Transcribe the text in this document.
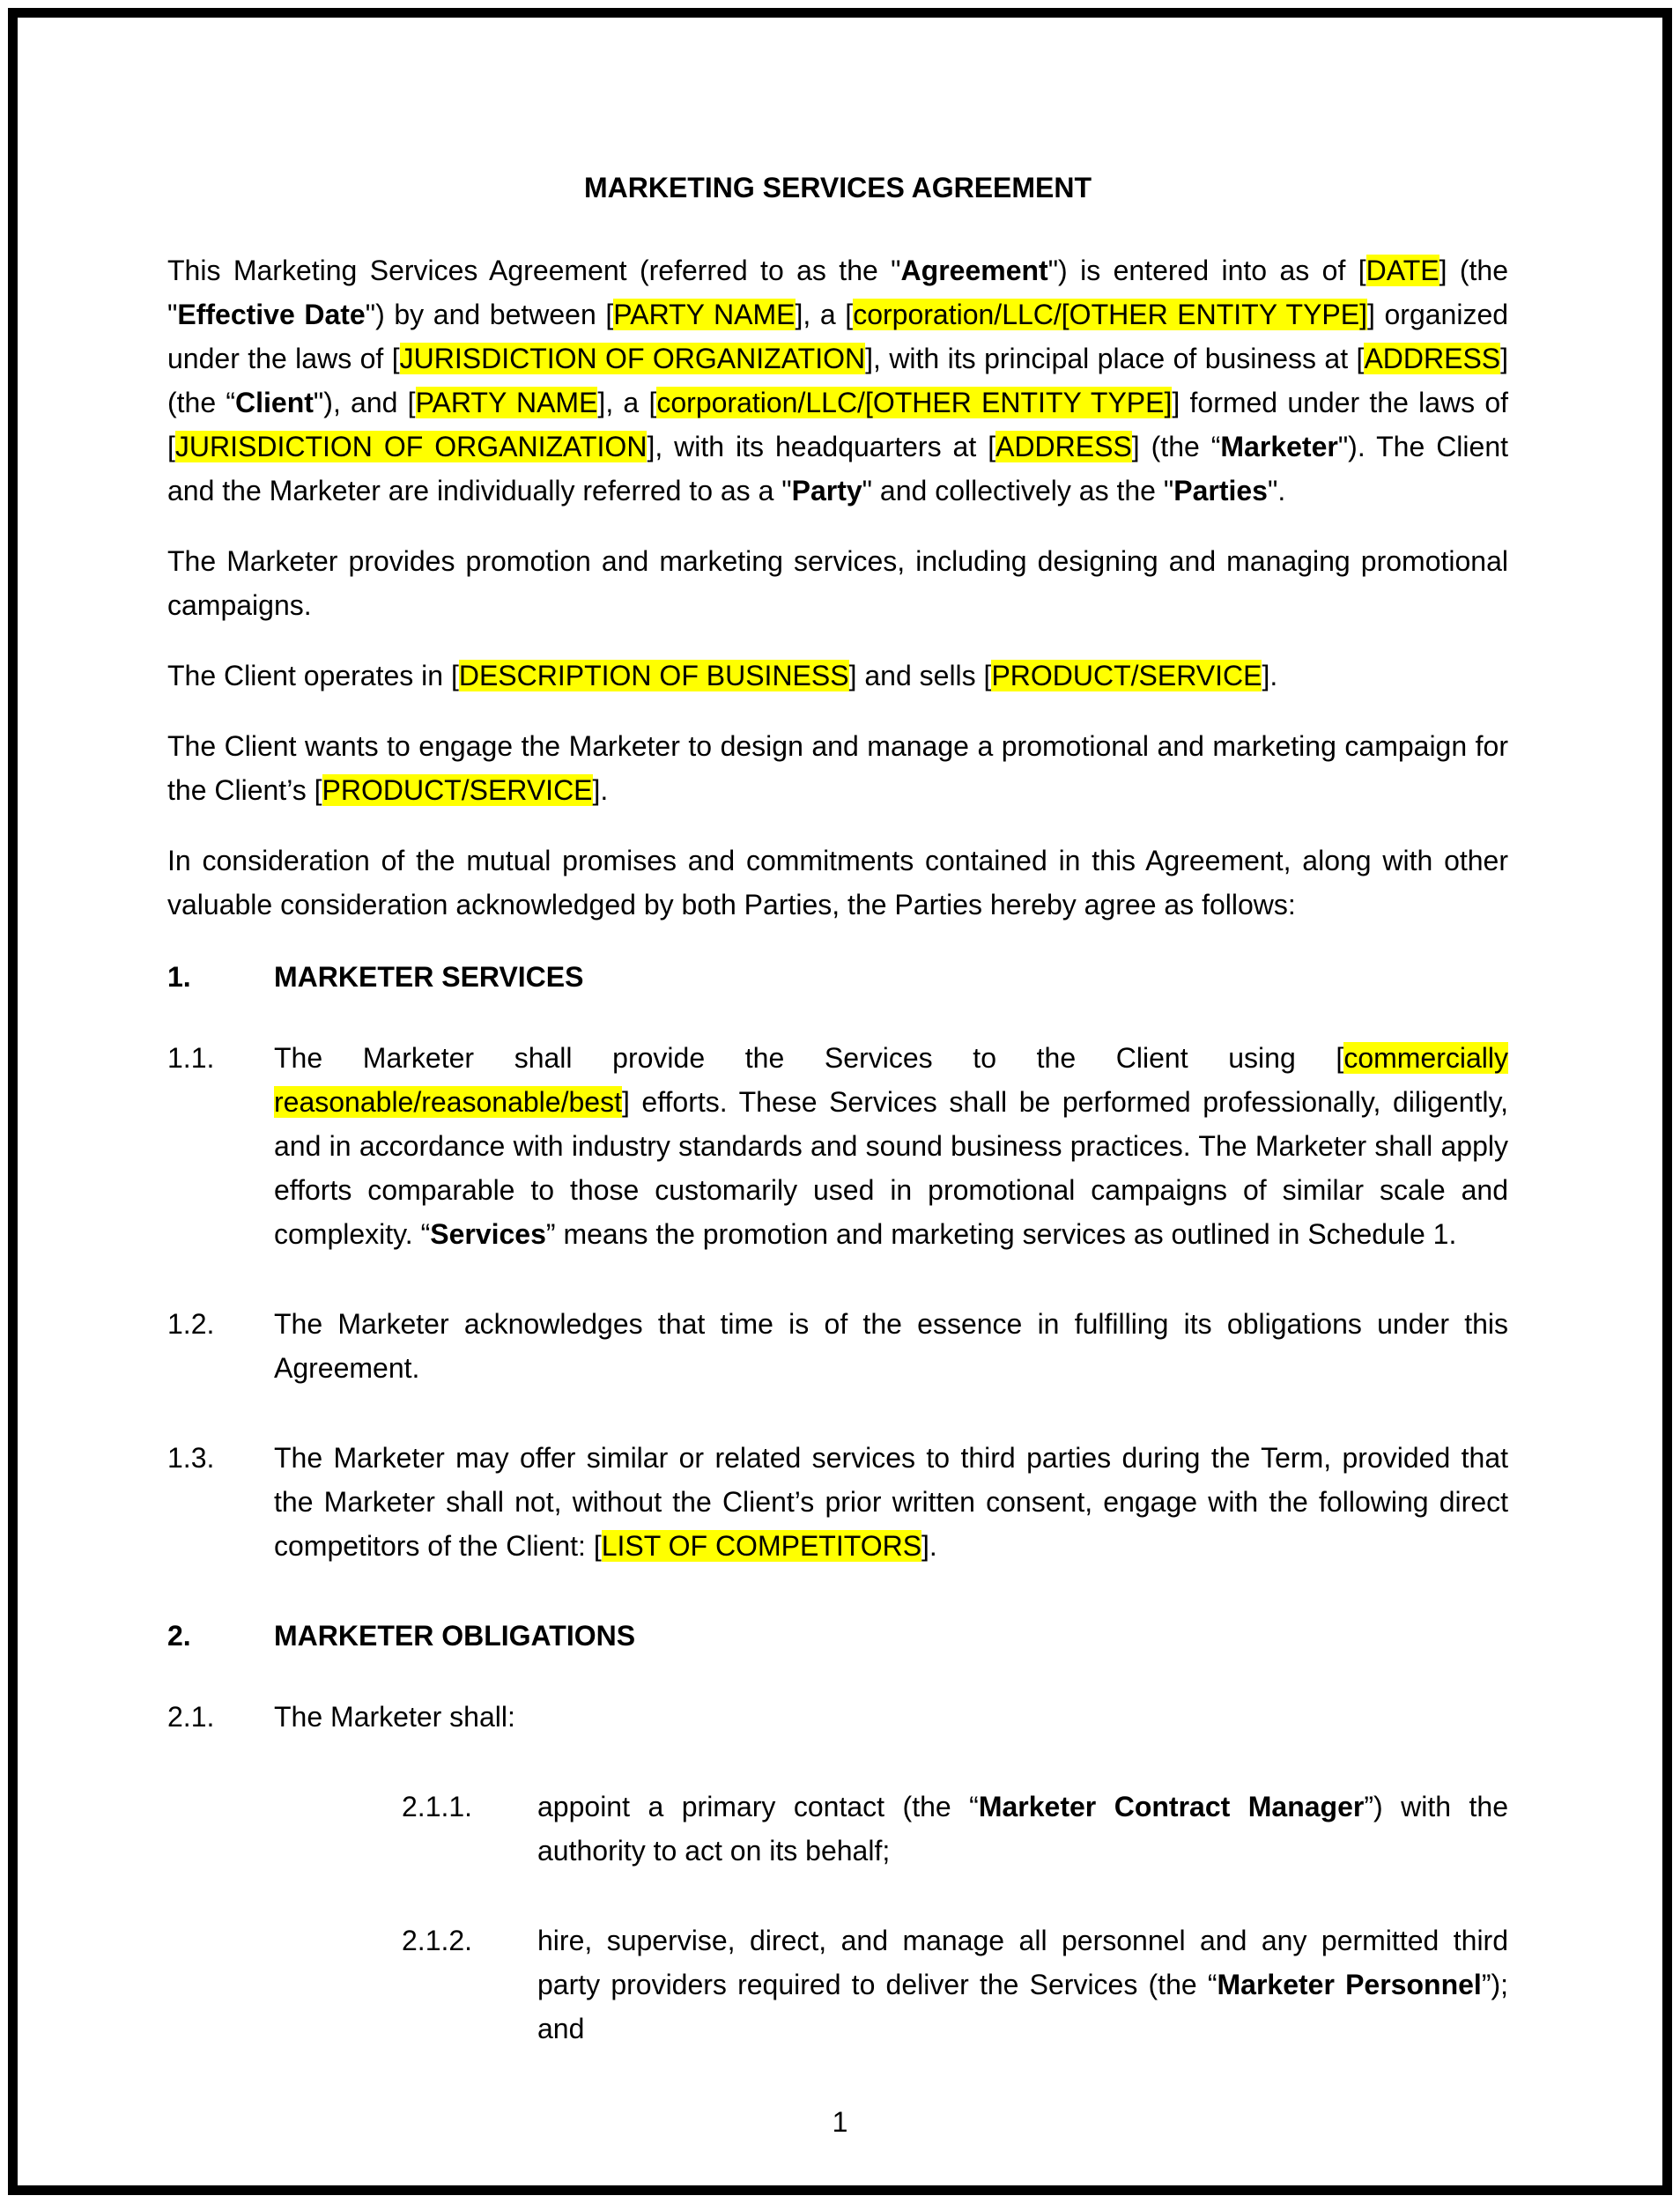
MARKETING SERVICES AGREEMENT

This Marketing Services Agreement (referred to as the "Agreement") is entered into as of [DATE] (the "Effective Date") by and between [PARTY NAME], a [corporation/LLC/[OTHER ENTITY TYPE]] organized under the laws of [JURISDICTION OF ORGANIZATION], with its principal place of business at [ADDRESS] (the “Client"), and [PARTY NAME], a [corporation/LLC/[OTHER ENTITY TYPE]] formed under the laws of [JURISDICTION OF ORGANIZATION], with its headquarters at [ADDRESS] (the “Marketer"). The Client and the Marketer are individually referred to as a "Party" and collectively as the "Parties".

The Marketer provides promotion and marketing services, including designing and managing promotional campaigns.

The Client operates in [DESCRIPTION OF BUSINESS] and sells [PRODUCT/SERVICE].

The Client wants to engage the Marketer to design and manage a promotional and marketing campaign for the Client’s [PRODUCT/SERVICE].

In consideration of the mutual promises and commitments contained in this Agreement, along with other valuable consideration acknowledged by both Parties, the Parties hereby agree as follows:

1.	MARKETER SERVICES
1.1.	The Marketer shall provide the Services to the Client using [commercially reasonable/reasonable/best] efforts. These Services shall be performed professionally, diligently, and in accordance with industry standards and sound business practices. The Marketer shall apply efforts comparable to those customarily used in promotional campaigns of similar scale and complexity. “Services” means the promotion and marketing services as outlined in Schedule 1.
1.2.	The Marketer acknowledges that time is of the essence in fulfilling its obligations under this Agreement.
1.3.	The Marketer may offer similar or related services to third parties during the Term, provided that the Marketer shall not, without the Client’s prior written consent, engage with the following direct competitors of the Client: [LIST OF COMPETITORS].
2.	MARKETER OBLIGATIONS
2.1.	The Marketer shall:
2.1.1.	appoint a primary contact (the “Marketer Contract Manager”) with the authority to act on its behalf;
2.1.2.	hire, supervise, direct, and manage all personnel and any permitted third party providers required to deliver the Services (the “Marketer Personnel”); and
1
